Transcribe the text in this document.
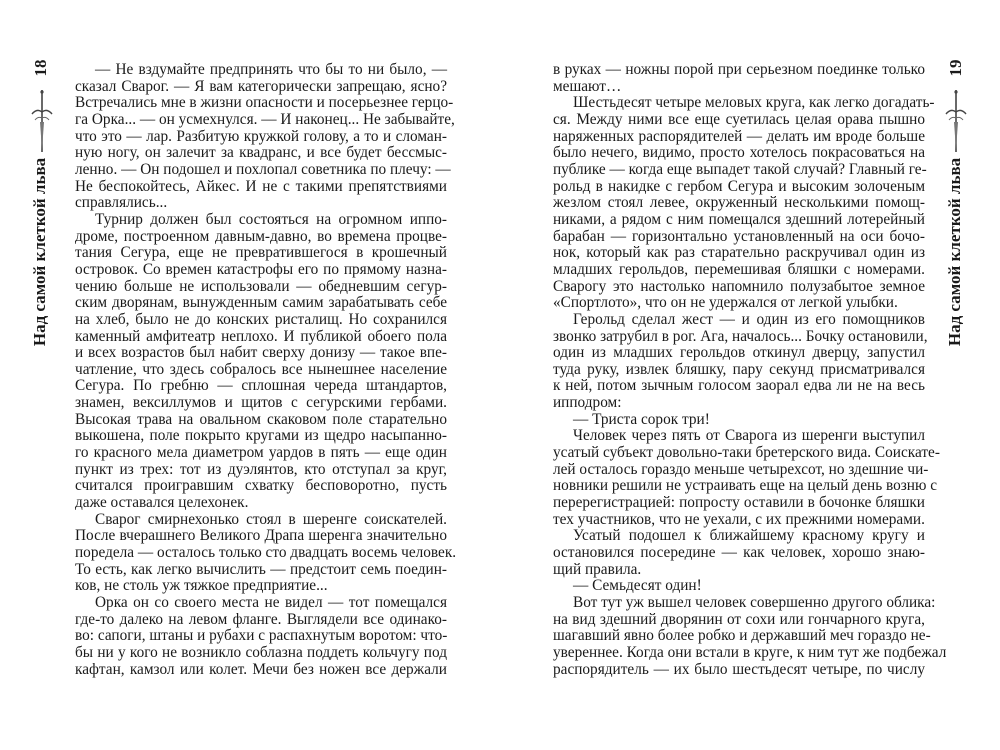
18
Над самой клеткой льва
— Не вздумайте предпринять что бы то ни было, —
сказал Сварог. — Я вам категорически запрещаю, ясно?
Встречались мне в жизни опасности и посерьезнее герцо-
га Орка... — он усмехнулся. — И наконец... Не забывайте,
что это — лар. Разбитую кружкой голову, а то и сломан-
ную ногу, он залечит за квадранс, и все будет бессмыс-
ленно. — Он подошел и похлопал советника по плечу: —
Не беспокойтесь, Айкес. И не с такими препятствиями
справлялись...
Турнир должен был состояться на огромном иппо-
дроме, построенном давным-давно, во времена процве-
тания Сегура, еще не превратившегося в крошечный
островок. Со времен катастрофы его по прямому назна-
чению больше не использовали — обедневшим сегур-
ским дворянам, вынужденным самим зарабатывать себе
на хлеб, было не до конских ристалищ. Но сохранился
каменный амфитеатр неплохо. И публикой обоего пола
и всех возрастов был набит сверху донизу — такое впе-
чатление, что здесь собралось все нынешнее население
Сегура. По гребню — сплошная череда штандартов,
знамен, вексиллумов и щитов с сегурскими гербами.
Высокая трава на овальном скаковом поле старательно
выкошена, поле покрыто кругами из щедро насыпанно-
го красного мела диаметром уардов в пять — еще один
пункт из трех: тот из дуэлянтов, кто отступал за круг,
считался проигравшим схватку бесповоротно, пусть
даже оставался целехонек.
Сварог смирнехонько стоял в шеренге соискателей.
После вчерашнего Великого Драпа шеренга значительно
поредела — осталось только сто двадцать восемь человек.
То есть, как легко вычислить — предстоит семь поедин-
ков, не столь уж тяжкое предприятие...
Орка он со своего места не видел — тот помещался
где-то далеко на левом фланге. Выглядели все одинако-
во: сапоги, штаны и рубахи с распахнутым воротом: что-
бы ни у кого не возникло соблазна поддеть кольчугу под
кафтан, камзол или колет. Мечи без ножен все держали
19
Над самой клеткой льва
в руках — ножны порой при серьезном поединке только
мешают…
Шестьдесят четыре меловых круга, как легко догадать-
ся. Между ними все еще суетилась целая орава пышно
наряженных распорядителей — делать им вроде больше
было нечего, видимо, просто хотелось покрасоваться на
публике — когда еще выпадет такой случай? Главный ге-
рольд в накидке с гербом Сегура и высоким золоченым
жезлом стоял левее, окруженный несколькими помощ-
никами, а рядом с ним помещался здешний лотерейный
барабан — горизонтально установленный на оси бочо-
нок, который как раз старательно раскручивал один из
младших герольдов, перемешивая бляшки с номерами.
Сварогу это настолько напомнило полузабытое земное
«Спортлото», что он не удержался от легкой улыбки.
Герольд сделал жест — и один из его помощников
звонко затрубил в рог. Ага, началось... Бочку остановили,
один из младших герольдов откинул дверцу, запустил
туда руку, извлек бляшку, пару секунд присматривался
к ней, потом зычным голосом заорал едва ли не на весь
ипподром:
— Триста сорок три!
Человек через пять от Сварога из шеренги выступил
усатый субъект довольно-таки бретерского вида. Соискате-
лей осталось гораздо меньше четырехсот, но здешние чи-
новники решили не устраивать еще на целый день возню с
перерегистрацией: попросту оставили в бочонке бляшки
тех участников, что не уехали, с их прежними номерами.
Усатый подошел к ближайшему красному кругу и
остановился посередине — как человек, хорошо знаю-
щий правила.
— Семьдесят один!
Вот тут уж вышел человек совершенно другого облика:
на вид здешний дворянин от сохи или гончарного круга,
шагавший явно более робко и державший меч гораздо не-
увереннее. Когда они встали в круге, к ним тут же подбежал
распорядитель — их было шестьдесят четыре, по числу
